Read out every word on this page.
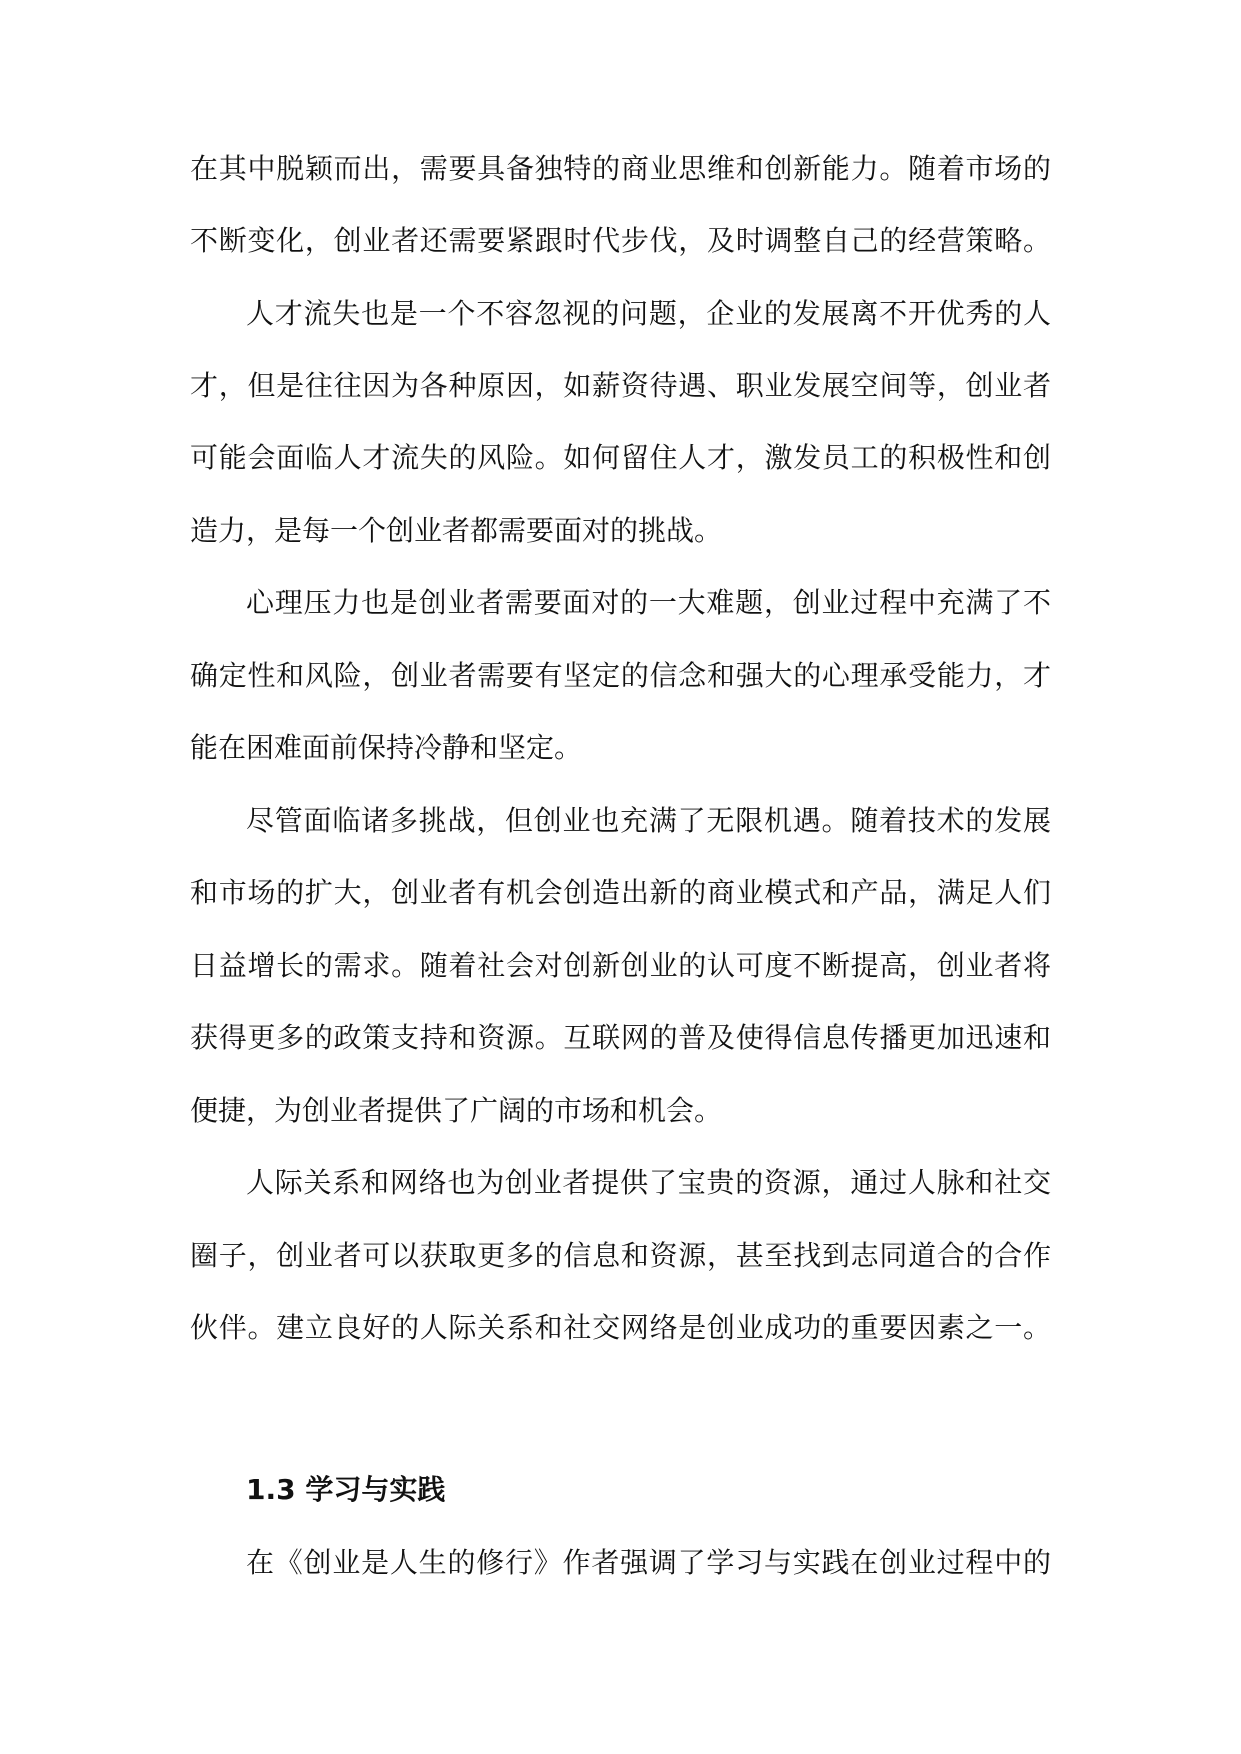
在其中脱颖而出，需要具备独特的商业思维和创新能力。随着市场的
不断变化，创业者还需要紧跟时代步伐，及时调整自己的经营策略。
人才流失也是一个不容忽视的问题，企业的发展离不开优秀的人
才，但是往往因为各种原因，如薪资待遇、职业发展空间等，创业者
可能会面临人才流失的风险。如何留住人才，激发员工的积极性和创
造力，是每一个创业者都需要面对的挑战。
心理压力也是创业者需要面对的一大难题，创业过程中充满了不
确定性和风险，创业者需要有坚定的信念和强大的心理承受能力，才
能在困难面前保持冷静和坚定。
尽管面临诸多挑战，但创业也充满了无限机遇。随着技术的发展
和市场的扩大，创业者有机会创造出新的商业模式和产品，满足人们
日益增长的需求。随着社会对创新创业的认可度不断提高，创业者将
获得更多的政策支持和资源。互联网的普及使得信息传播更加迅速和
便捷，为创业者提供了广阔的市场和机会。
人际关系和网络也为创业者提供了宝贵的资源，通过人脉和社交
圈子，创业者可以获取更多的信息和资源，甚至找到志同道合的合作
伙伴。建立良好的人际关系和社交网络是创业成功的重要因素之一。
1.3 学习与实践
在《创业是人生的修行》作者强调了学习与实践在创业过程中的
